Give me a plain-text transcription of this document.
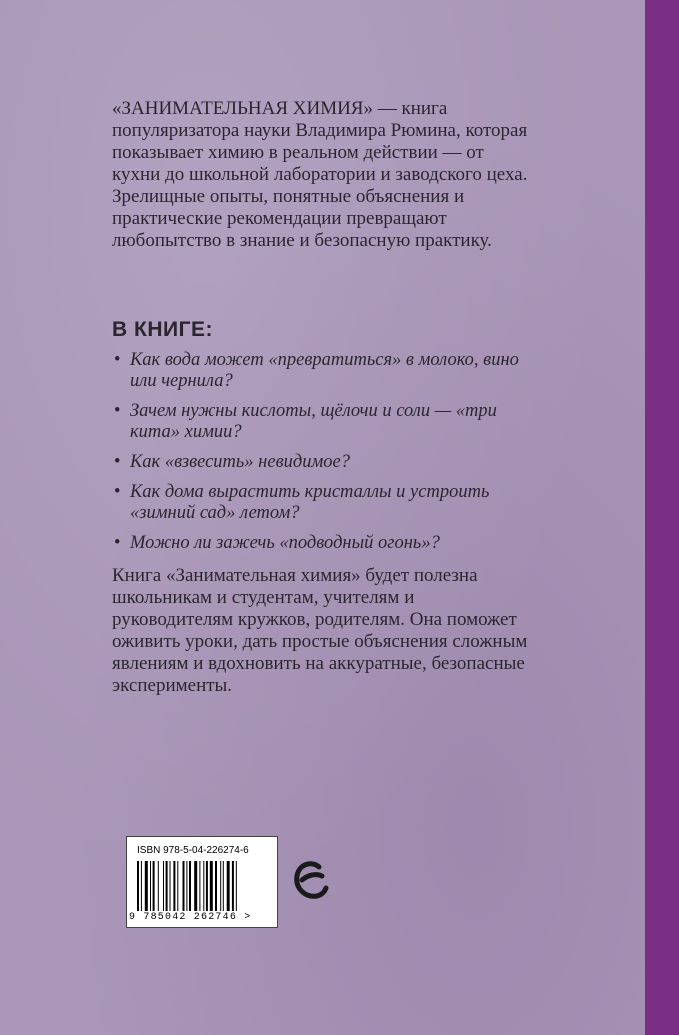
«ЗАНИМАТЕЛЬНАЯ ХИМИЯ» — книга популяризатора науки Владимира Рюмина, которая показывает химию в реальном действии — от кухни до школьной лаборатории и заводского цеха. Зрелищные опыты, понятные объяснения и практические рекомендации превращают любопытство в знание и безопасную практику.

В КНИГЕ:
• Как вода может «превратиться» в молоко, вино или чернила?
• Зачем нужны кислоты, щёлочи и соли — «три кита» химии?
• Как «взвесить» невидимое?
• Как дома вырастить кристаллы и устроить «зимний сад» летом?
• Можно ли зажечь «подводный огонь»?

Книга «Занимательная химия» будет полезна школьникам и студентам, учителям и руководителям кружков, родителям. Она поможет оживить уроки, дать простые объяснения сложным явлениям и вдохновить на аккуратные, безопасные эксперименты.

ISBN 978-5-04-226274-6
9 785042 262746 >
